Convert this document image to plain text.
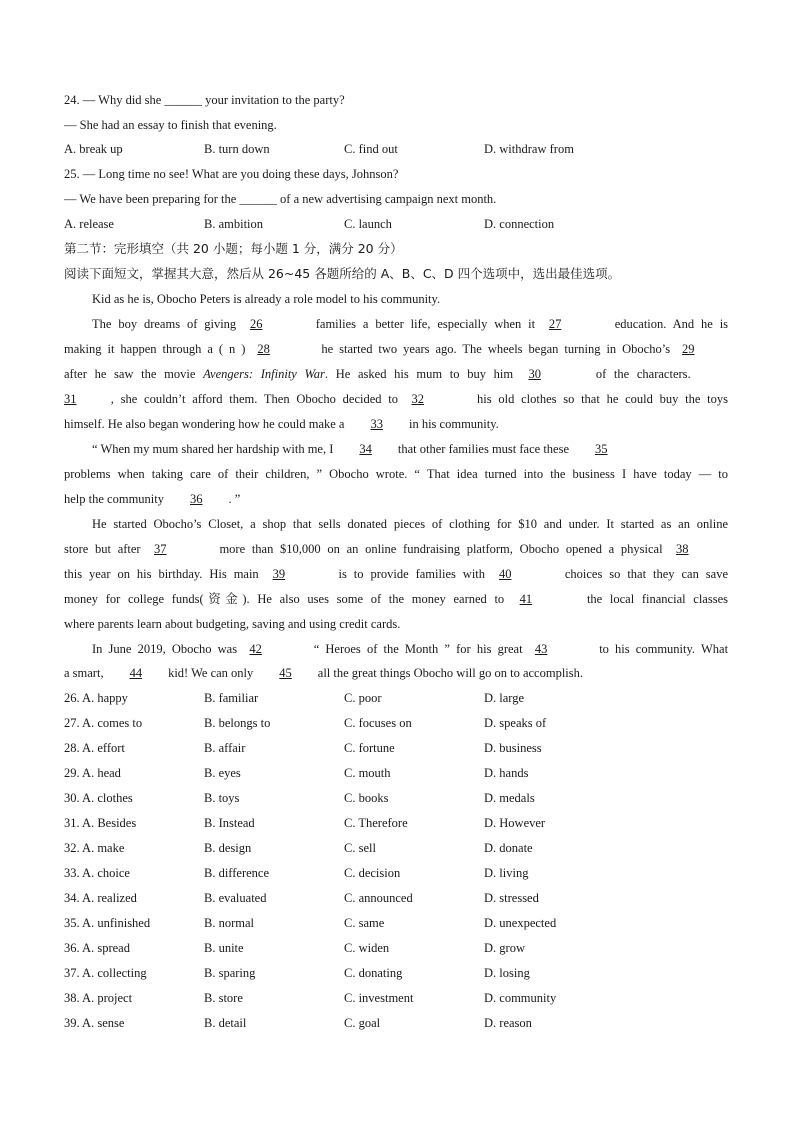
24. — Why did she ______ your invitation to the party?
— She had an essay to finish that evening.
A. break up	B. turn down	C. find out	D. withdraw from
25. — Long time no see! What are you doing these days, Johnson?
— We have been preparing for the ______ of a new advertising campaign next month.
A. release	B. ambition	C. launch	D. connection
第二节：完形填空（共 20 小题；每小题 1 分，满分 20 分）
阅读下面短文，掌握其大意，然后从 26~45 各题所给的 A、B、C、D 四个选项中，选出最佳选项。
Kid as he is, Obocho Peters is already a role model to his community.
The boy dreams of giving 26	families a better life, especially when it 27	education. And he is
making it happen through a ( n ) 28	he started two years ago. The wheels began turning in Obocho’s 29
after he saw the movie Avengers: Infinity War. He asked his mum to buy him 30	of the characters.
31	, she couldn’t afford them. Then Obocho decided to 32	his old clothes so that he could buy the toys
himself. He also began wondering how he could make a 33 in his community.
“ When my mum shared her hardship with me, I 34 that other families must face these 35
problems when taking care of their children, ” Obocho wrote. “ That idea turned into the business I have today — to
help the community 36 . ”
He started Obocho’s Closet, a shop that sells donated pieces of clothing for $10 and under. It started as an online
store but after 37	more than $10,000 on an online fundraising platform, Obocho opened a physical 38
this year on his birthday. His main 39	is to provide families with 40	choices so that they can save
money for college funds(资金). He also uses some of the money earned to 41	the local financial classes
where parents learn about budgeting, saving and using credit cards.
In June 2019, Obocho was 42	“ Heroes of the Month ” for his great 43	to his community. What
a smart, 44 kid! We can only 45 all the great things Obocho will go on to accomplish.
26. A. happy	B. familiar	C. poor	D. large
27. A. comes to	B. belongs to	C. focuses on	D. speaks of
28. A. effort	B. affair	C. fortune	D. business
29. A. head	B. eyes	C. mouth	D. hands
30. A. clothes	B. toys	C. books	D. medals
31. A. Besides	B. Instead	C. Therefore	D. However
32. A. make	B. design	C. sell	D. donate
33. A. choice	B. difference	C. decision	D. living
34. A. realized	B. evaluated	C. announced	D. stressed
35. A. unfinished	B. normal	C. same	D. unexpected
36. A. spread	B. unite	C. widen	D. grow
37. A. collecting	B. sparing	C. donating	D. losing
38. A. project	B. store	C. investment	D. community
39. A. sense	B. detail	C. goal	D. reason
